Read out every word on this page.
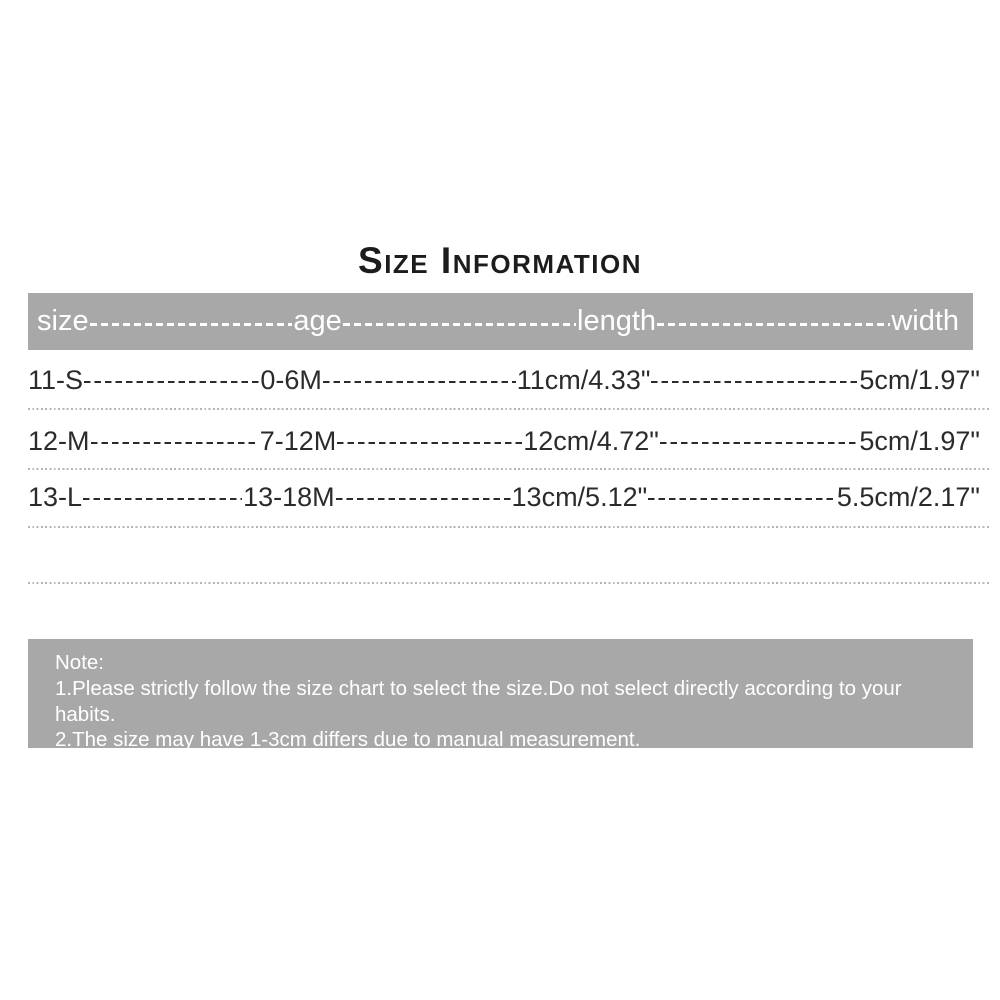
Size Information
size	age	length	width
11-S	0-6M	11cm/4.33"	5cm/1.97"
12-M	7-12M	12cm/4.72"	5cm/1.97"
13-L	13-18M	13cm/5.12"	5.5cm/2.17"
Note:
1.Please strictly follow the size chart to select the size.Do not select directly according to your habits.
2.The size may have 1-3cm differs due to manual measurement.
